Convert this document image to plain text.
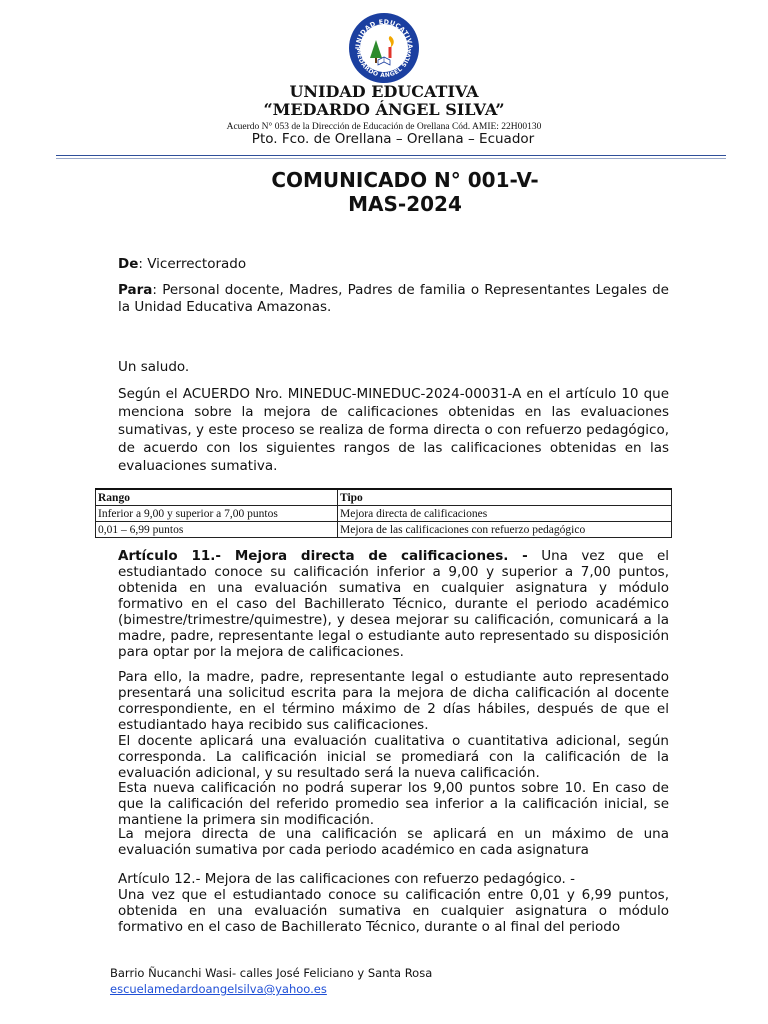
UNIDAD EDUCATIVA
MEDARDO ÁNGEL SILVA
UNIDAD EDUCATIVA
“MEDARDO ÁNGEL SILVA”
Acuerdo N° 053 de la Dirección de Educación de Orellana Cód. AMIE: 22H00130
Pto. Fco. de Orellana – Orellana – Ecuador
COMUNICADO N° 001-V-
MAS-2024
De: Vicerrectorado
Para: Personal docente, Madres, Padres de familia o Representantes Legales de la Unidad Educativa Amazonas.
Un saludo.
Según el ACUERDO Nro. MINEDUC-MINEDUC-2024-00031-A en el artículo 10 que menciona sobre la mejora de calificaciones obtenidas en las evaluaciones sumativas, y este proceso se realiza de forma directa o con refuerzo pedagógico, de acuerdo con los siguientes rangos de las calificaciones obtenidas en las evaluaciones sumativa.
Rango	Tipo
Inferior a 9,00 y superior a 7,00 puntos	Mejora directa de calificaciones
0,01 – 6,99 puntos	Mejora de las calificaciones con refuerzo pedagógico
Artículo 11.- Mejora directa de calificaciones. - Una vez que el estudiantado conoce su calificación inferior a 9,00 y superior a 7,00 puntos, obtenida en una evaluación sumativa en cualquier asignatura y módulo formativo en el caso del Bachillerato Técnico, durante el periodo académico (bimestre/trimestre/quimestre), y desea mejorar su calificación, comunicará a la madre, padre, representante legal o estudiante auto representado su disposición para optar por la mejora de calificaciones.
Para ello, la madre, padre, representante legal o estudiante auto representado presentará una solicitud escrita para la mejora de dicha calificación al docente correspondiente, en el término máximo de 2 días hábiles, después de que el estudiantado haya recibido sus calificaciones.
El docente aplicará una evaluación cualitativa o cuantitativa adicional, según corresponda. La calificación inicial se promediará con la calificación de la evaluación adicional, y su resultado será la nueva calificación.
Esta nueva calificación no podrá superar los 9,00 puntos sobre 10. En caso de que la calificación del referido promedio sea inferior a la calificación inicial, se mantiene la primera sin modificación.
La mejora directa de una calificación se aplicará en un máximo de una evaluación sumativa por cada periodo académico en cada asignatura
Artículo 12.- Mejora de las calificaciones con refuerzo pedagógico. -
Una vez que el estudiantado conoce su calificación entre 0,01 y 6,99 puntos, obtenida en una evaluación sumativa en cualquier asignatura o módulo formativo en el caso de Bachillerato Técnico, durante o al final del periodo
Barrio Ñucanchi Wasi- calles José Feliciano y Santa Rosa
escuelamedardoangelsilva@yahoo.es
